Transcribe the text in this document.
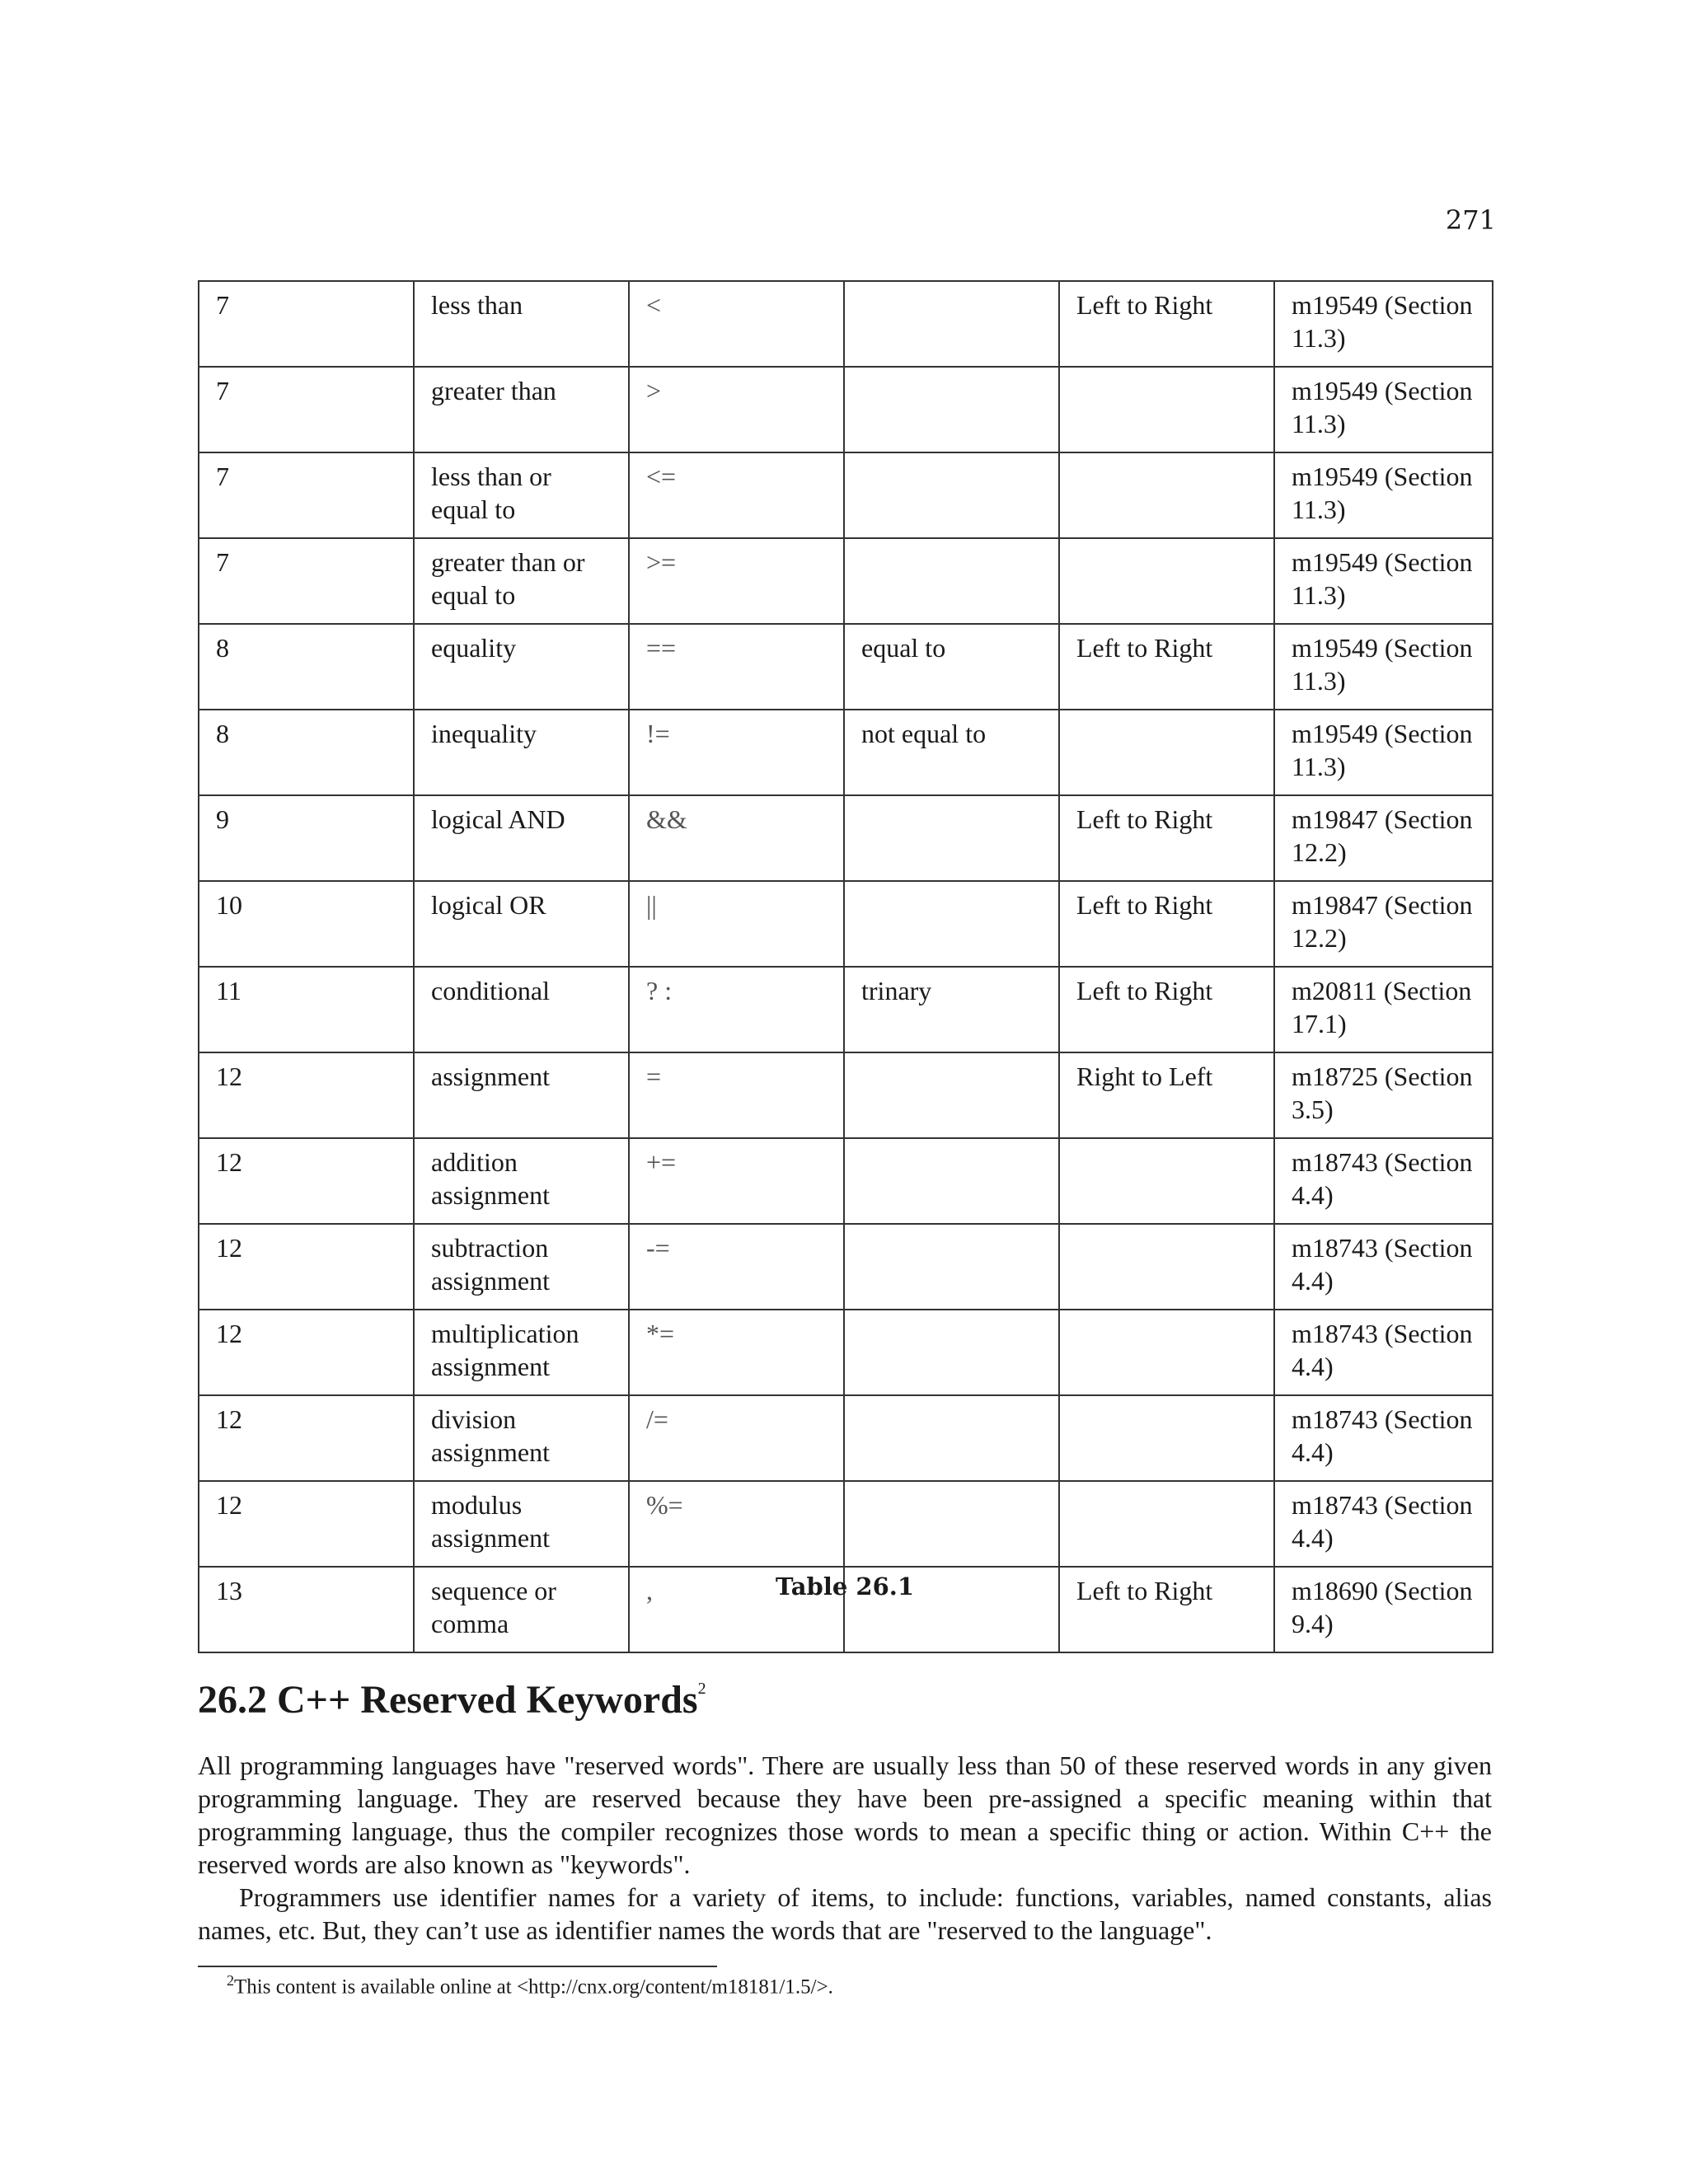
271
7	less than	<		Left to Right	m19549 (Section 11.3)
7	greater than	>			m19549 (Section 11.3)
7	less than or equal to	<=			m19549 (Section 11.3)
7	greater than or equal to	>=			m19549 (Section 11.3)
8	equality	==	equal to	Left to Right	m19549 (Section 11.3)
8	inequality	!=	not equal to		m19549 (Section 11.3)
9	logical AND	&&		Left to Right	m19847 (Section 12.2)
10	logical OR	||		Left to Right	m19847 (Section 12.2)
11	conditional	? :	trinary	Left to Right	m20811 (Section 17.1)
12	assignment	=		Right to Left	m18725 (Section 3.5)
12	addition assignment	+=			m18743 (Section 4.4)
12	subtraction assignment	-=			m18743 (Section 4.4)
12	multiplication assignment	*=			m18743 (Section 4.4)
12	division assignment	/=			m18743 (Section 4.4)
12	modulus assignment	%=			m18743 (Section 4.4)
13	sequence or comma	,		Left to Right	m18690 (Section 9.4)
Table 26.1
26.2 C++ Reserved Keywords$^2$

All programming languages have "reserved words". There are usually less than 50 of these reserved words in any given programming language. They are reserved because they have been pre-assigned a specific meaning within that programming language, thus the compiler recognizes those words to mean a specific thing or action. Within C++ the reserved words are also known as "keywords".

Programmers use identifier names for a variety of items, to include: functions, variables, named constants, alias names, etc. But, they can’t use as identifier names the words that are "reserved to the language".

$^2$This content is available online at <http://cnx.org/content/m18181/1.5/>.
